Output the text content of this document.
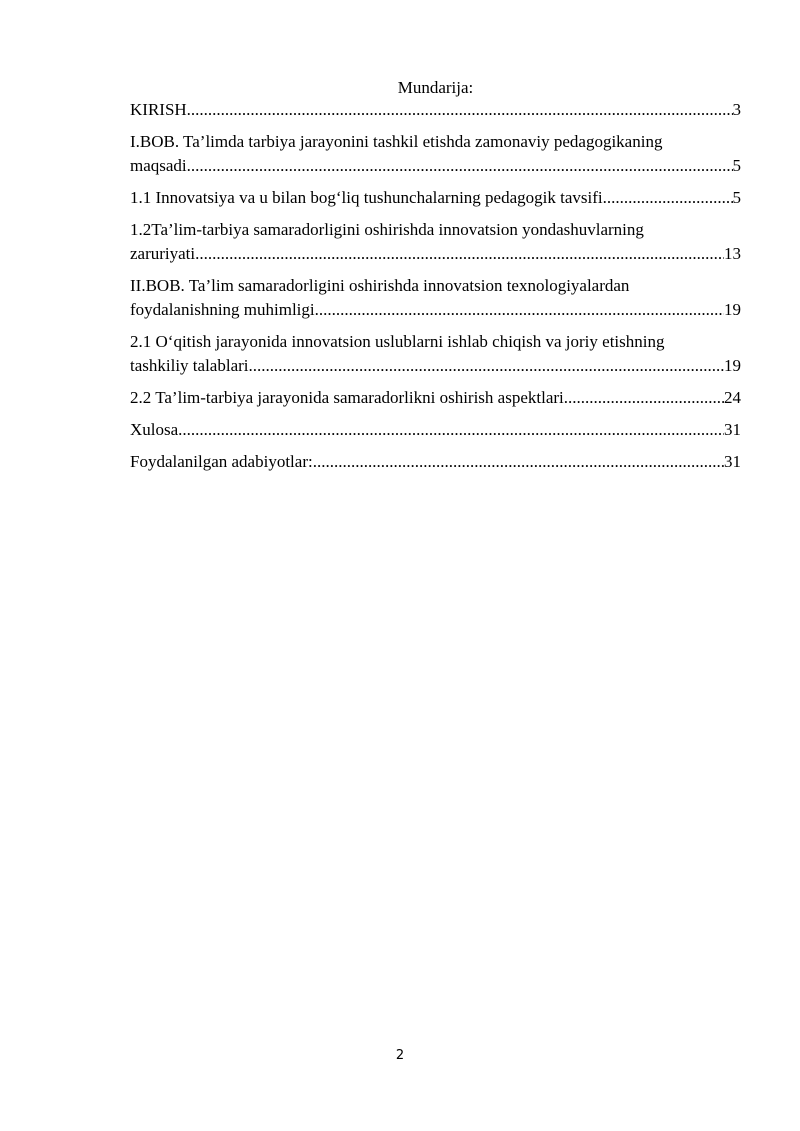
Mundarija:
KIRISH .....	3
I.BOB. Ta’limda tarbiya jarayonini tashkil etishda zamonaviy pedagogikaning
maqsadi .....	5
1.1 Innovatsiya va u bilan bog‘liq tushunchalarning pedagogik tavsifi .....	5
1.2Ta’lim-tarbiya samaradorligini oshirishda innovatsion yondashuvlarning
zaruriyati .....	13
II.BOB. Ta’lim samaradorligini oshirishda innovatsion texnologiyalardan
foydalanishning muhimligi .....	19
2.1 O‘qitish jarayonida innovatsion uslublarni ishlab chiqish va joriy etishning
tashkiliy talablari .....	19
2.2 Ta’lim-tarbiya jarayonida samaradorlikni oshirish aspektlari .....	24
Xulosa .....	31
Foydalanilgan adabiyotlar: .....	31
2
